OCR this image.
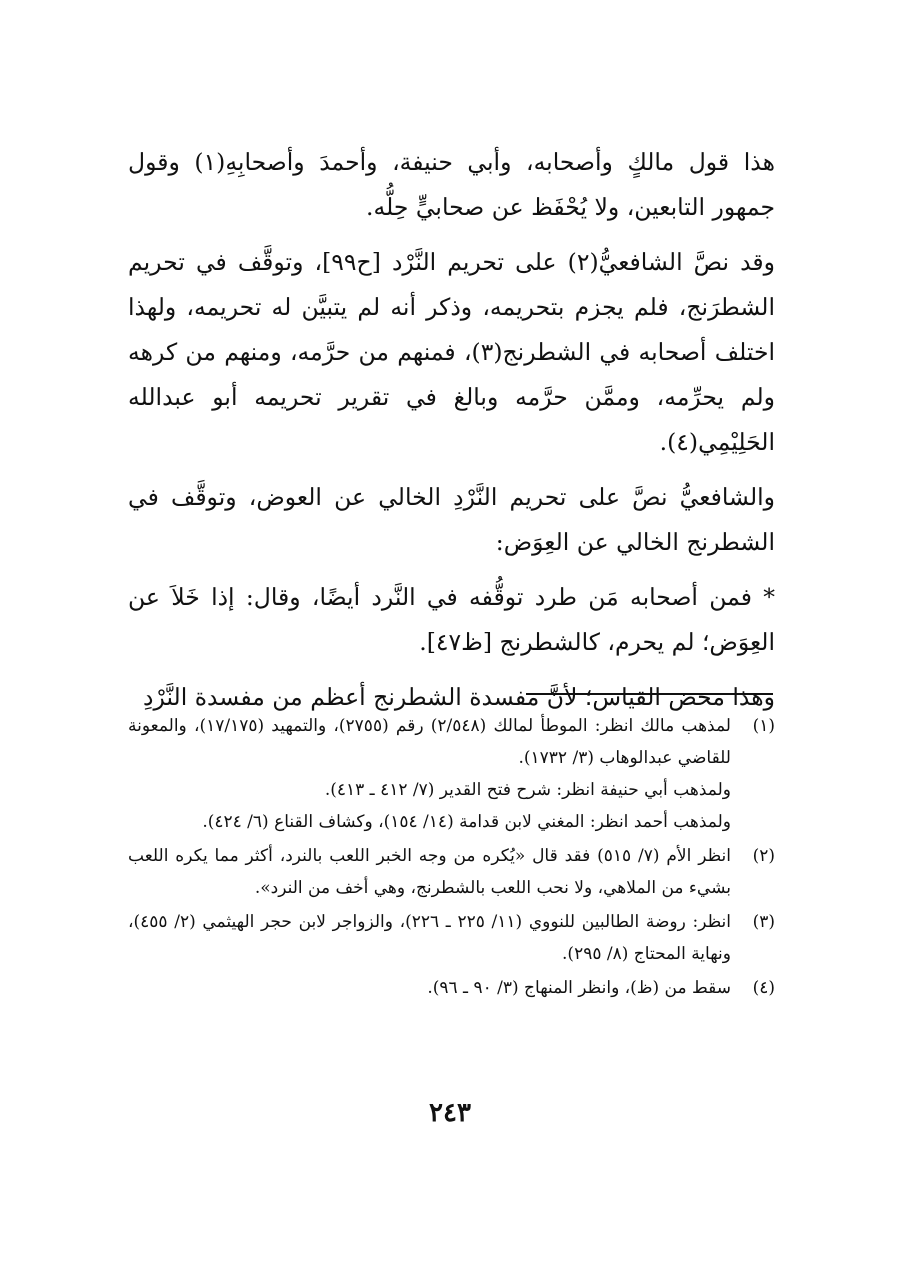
هذا قول مالكٍ وأصحابه، وأبي حنيفة، وأحمدَ وأصحابِهِ(١) وقول جمهور التابعين، ولا يُحْفَظ عن صحابيٍّ حِلُّه.

وقد نصَّ الشافعيُّ(٢) على تحريم النَّرْد [ح٩٩]، وتوقَّف في تحريم الشطرَنج، فلم يجزم بتحريمه، وذكر أنه لم يتبيَّن له تحريمه، ولهذا اختلف أصحابه في الشطرنج(٣)، فمنهم من حرَّمه، ومنهم من كرهه ولم يحرِّمه، وممَّن حرَّمه وبالغ في تقرير تحريمه أبو عبدالله الحَلِيْمِي(٤).

والشافعيُّ نصَّ على تحريم النَّرْدِ الخالي عن العوض، وتوقَّف في الشطرنج الخالي عن العِوَض:

* فمن أصحابه مَن طرد توقُّفه في النَّرد أيضًا، وقال: إذا خَلاَ عن العِوَض؛ لم يحرم، كالشطرنج [ظ٤٧].

وهذا محض القياس؛ لأنَّ مفسدة الشطرنج أعظم من مفسدة النَّرْدِ

(١)
لمذهب مالك انظر: الموطأ لمالك (٢/٥٤٨) رقم (٢٧٥٥)، والتمهيد (١٧/١٧٥)، والمعونة للقاضي عبدالوهاب (٣/ ١٧٣٢).
ولمذهب أبي حنيفة انظر: شرح فتح القدير (٧/ ٤١٢ ـ ٤١٣).
ولمذهب أحمد انظر: المغني لابن قدامة (١٤/ ١٥٤)، وكشاف القناع (٦/ ٤٢٤).
(٢)
انظر الأم (٧/ ٥١٥) فقد قال «يُكره من وجه الخبر اللعب بالنرد، أكثر مما يكره اللعب بشيء من الملاهي، ولا نحب اللعب بالشطرنج، وهي أخف من النرد».
(٣)
انظر: روضة الطالبين للنووي (١١/ ٢٢٥ ـ ٢٢٦)، والزواجر لابن حجر الهيثمي (٢/ ٤٥٥)، ونهاية المحتاج (٨/ ٢٩٥).
(٤)
سقط من (ظ)، وانظر المنهاج (٣/ ٩٠ ـ ٩٦).
٢٤٣
